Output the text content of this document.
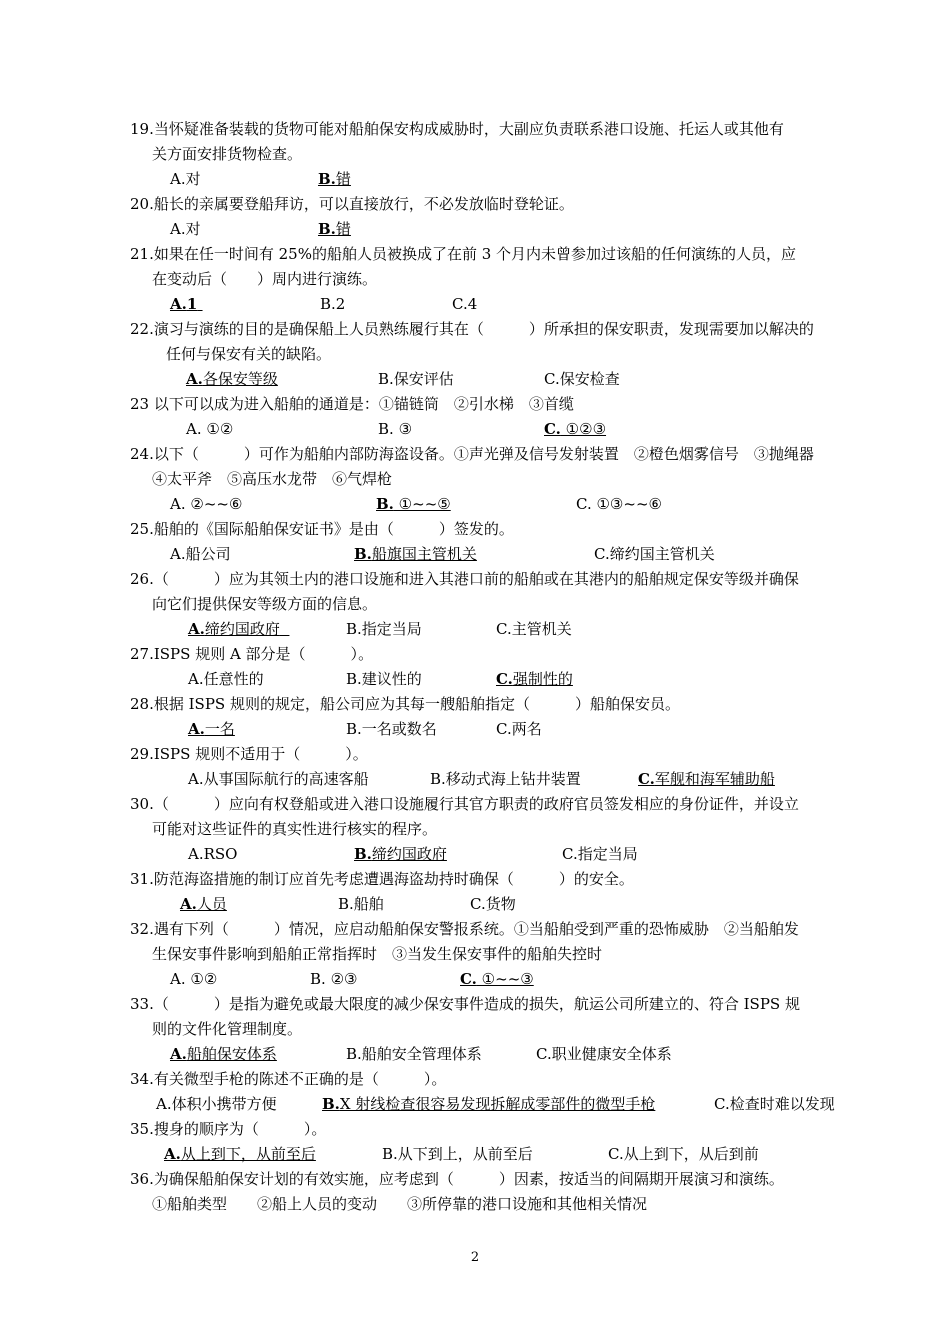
19.当怀疑准备装载的货物可能对船舶保安构成威胁时，大副应负责联系港口设施、托运人或其他有
关方面安排货物检查。
A.对	B.错
20.船长的亲属要登船拜访，可以直接放行，不必发放临时登轮证。
A.对	B.错
21.如果在任一时间有 25%的船舶人员被换成了在前 3 个月内未曾参加过该船的任何演练的人员，应
在变动后（　　）周内进行演练。
A.1	B.2	C.4
22.演习与演练的目的是确保船上人员熟练履行其在（　　　）所承担的保安职责，发现需要加以解决的
任何与保安有关的缺陷。
A.各保安等级	B.保安评估	C.保安检查
23 以下可以成为进入船舶的通道是：①锚链筒　②引水梯　③首缆
A. ①②	B. ③	C. ①②③
24.以下（　　　）可作为船舶内部防海盗设备。①声光弹及信号发射装置　②橙色烟雾信号　③抛绳器
④太平斧　⑤高压水龙带　⑥气焊枪
A. ②~~⑥	B. ①~~⑤	C. ①③~~⑥
25.船舶的《国际船舶保安证书》是由（　　　）签发的。
A.船公司	B.船旗国主管机关	C.缔约国主管机关
26.（　　　）应为其领土内的港口设施和进入其港口前的船舶或在其港内的船舶规定保安等级并确保
向它们提供保安等级方面的信息。
A.缔约国政府	B.指定当局	C.主管机关
27.ISPS 规则 A 部分是（　　　）。
A.任意性的	B.建议性的	C.强制性的
28.根据 ISPS 规则的规定，船公司应为其每一艘船舶指定（　　　）船舶保安员。
A.一名	B.一名或数名	C.两名
29.ISPS 规则不适用于（　　　）。
A.从事国际航行的高速客船	B.移动式海上钻井装置	C.军舰和海军辅助船
30.（　　　）应向有权登船或进入港口设施履行其官方职责的政府官员签发相应的身份证件，并设立
可能对这些证件的真实性进行核实的程序。
A.RSO	B.缔约国政府	C.指定当局
31.防范海盗措施的制订应首先考虑遭遇海盗劫持时确保（　　　）的安全。
A.人员	B.船舶	C.货物
32.遇有下列（　　　）情况，应启动船舶保安警报系统。①当船舶受到严重的恐怖威胁　②当船舶发
生保安事件影响到船舶正常指挥时　③当发生保安事件的船舶失控时
A. ①②	B. ②③	C. ①~~③
33.（　　　）是指为避免或最大限度的减少保安事件造成的损失，航运公司所建立的、符合 ISPS 规
则的文件化管理制度。
A.船舶保安体系	B.船舶安全管理体系	C.职业健康安全体系
34.有关微型手枪的陈述不正确的是（　　　）。
A.体积小携带方便	B.X 射线检查很容易发现拆解成零部件的微型手枪	C.检查时难以发现
35.搜身的顺序为（　　　）。
A.从上到下，从前至后	B.从下到上，从前至后	C.从上到下，从后到前
36.为确保船舶保安计划的有效实施，应考虑到（　　　）因素，按适当的间隔期开展演习和演练。
①船舶类型　　②船上人员的变动　　③所停靠的港口设施和其他相关情况
2
